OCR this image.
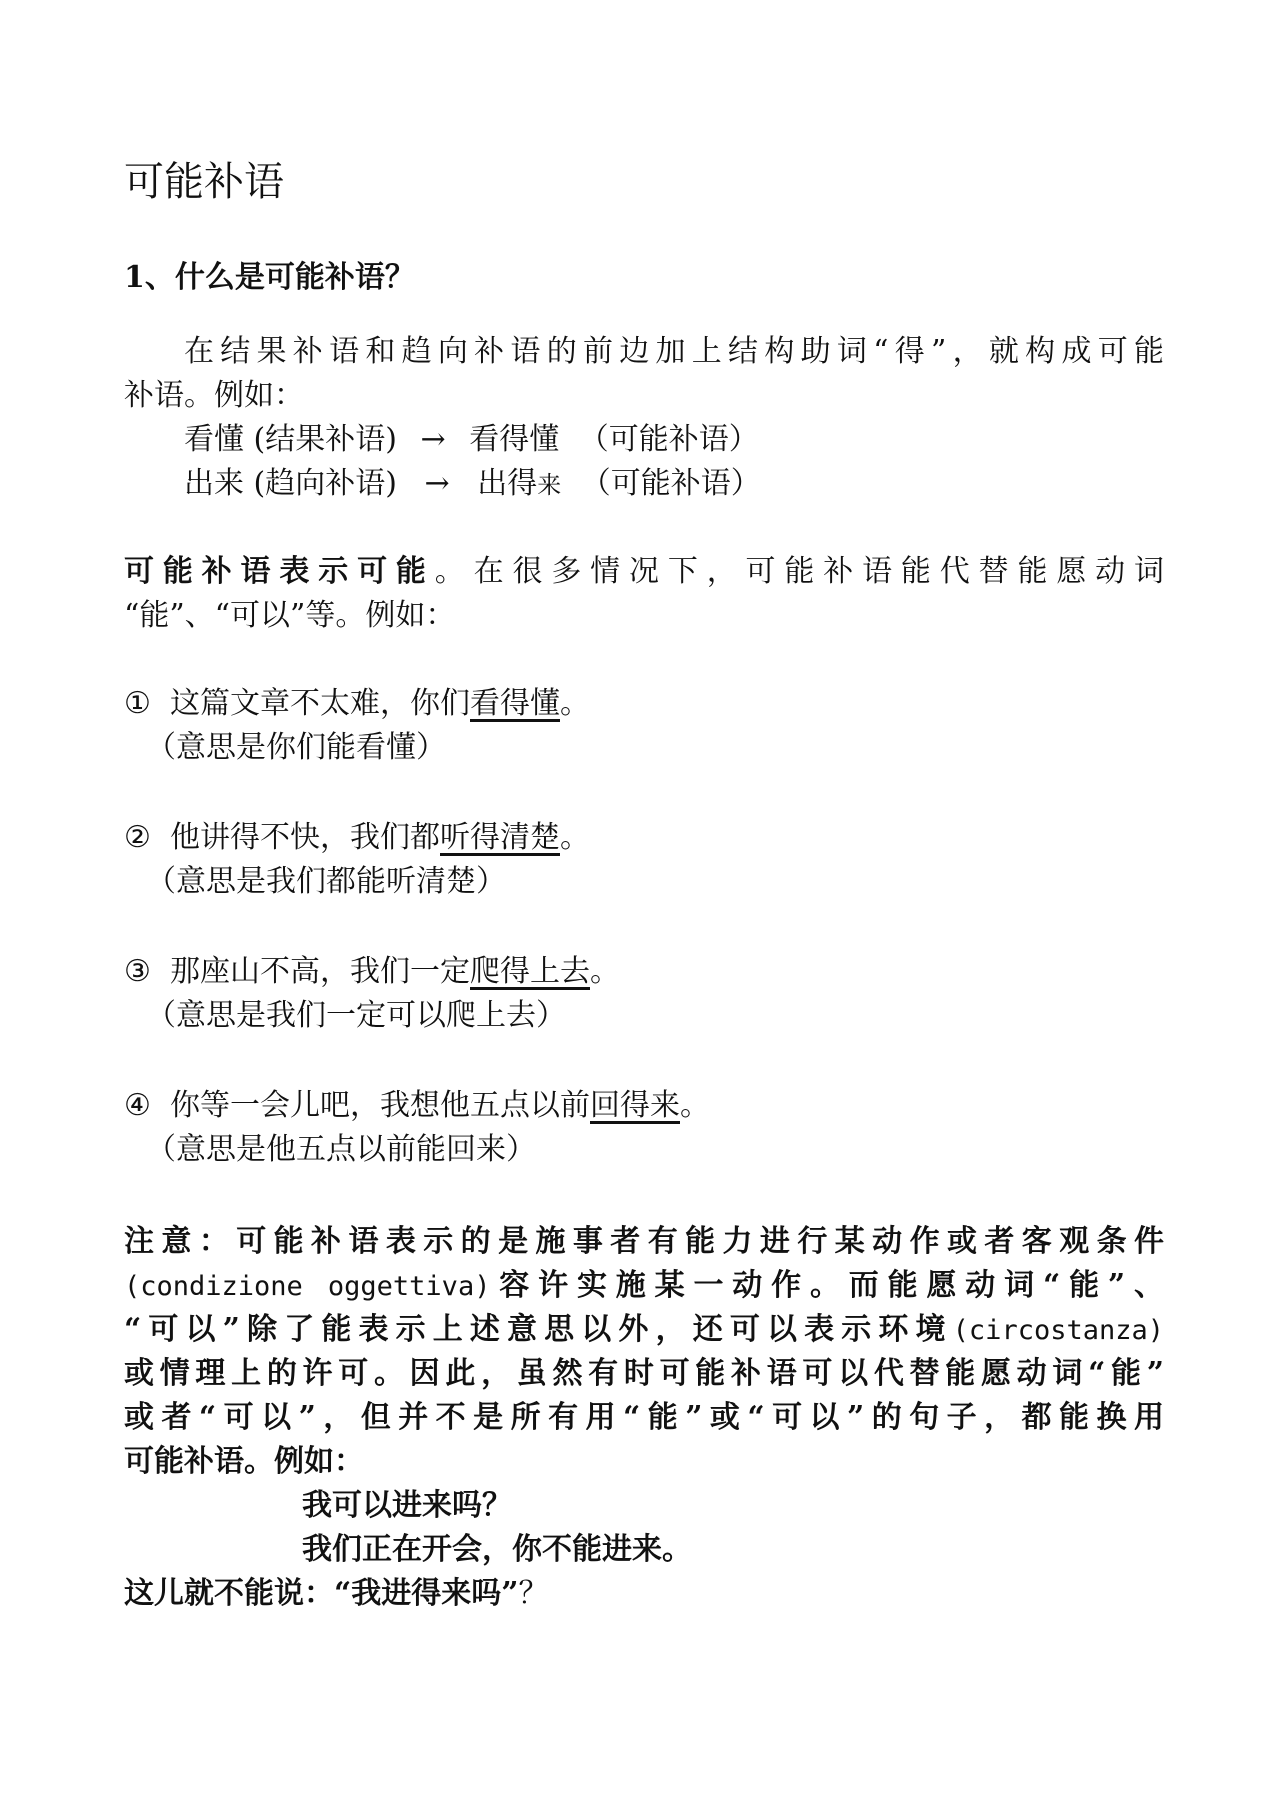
可能补语
1、什么是可能补语？
在结果补语和趋向补语的前边加上结构助词“得”，就构成可能
补语。例如：
看懂 (结果补语) → 看得懂 （可能补语）
出来 (趋向补语) → 出得来 （可能补语）
可能补语表示可能。在很多情况下，可能补语能代替能愿动词
“能”、“可以”等。例如：
① 这篇文章不太难，你们看得懂。
（意思是你们能看懂）
② 他讲得不快，我们都听得清楚。
（意思是我们都能听清楚）
③ 那座山不高，我们一定爬得上去。
（意思是我们一定可以爬上去）
④ 你等一会儿吧，我想他五点以前回得来。
（意思是他五点以前能回来）
注意：可能补语表示的是施事者有能力进行某动作或者客观条件
(condizione oggettiva)容许实施某一动作。而能愿动词“能”、
“可以”除了能表示上述意思以外，还可以表示环境(circostanza)
或情理上的许可。因此，虽然有时可能补语可以代替能愿动词“能”
或者“可以”，但并不是所有用“能”或“可以”的句子，都能换用
可能补语。例如：
我可以进来吗？
我们正在开会，你不能进来。
这儿就不能说：“我进得来吗”？
